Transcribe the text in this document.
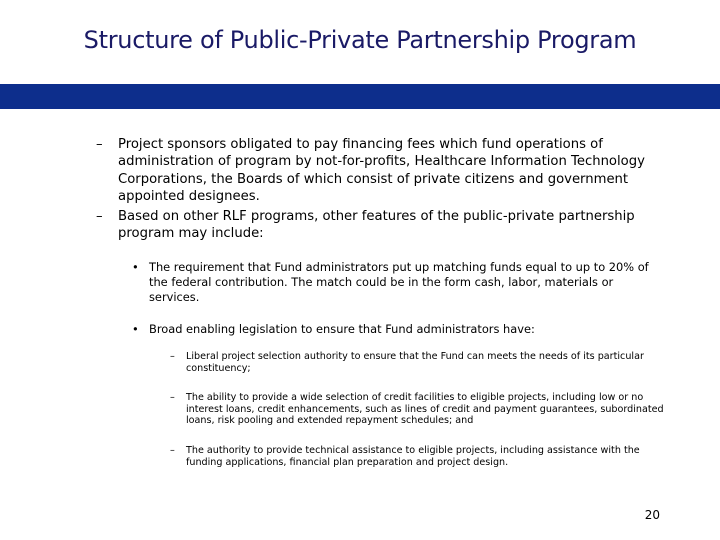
Structure of Public-Private Partnership Program
– Project sponsors obligated to pay financing fees which fund operations of administration of program by not-for-profits, Healthcare Information Technology Corporations, the Boards of which consist of private citizens and government appointed designees.
– Based on other RLF programs, other features of the public-private partnership program may include:
• The requirement that Fund administrators put up matching funds equal to up to 20% of the federal contribution. The match could be in the form cash, labor, materials or services.
• Broad enabling legislation to ensure that Fund administrators have:
– Liberal project selection authority to ensure that the Fund can meets the needs of its particular constituency;
– The ability to provide a wide selection of credit facilities to eligible projects, including low or no interest loans, credit enhancements, such as lines of credit and payment guarantees, subordinated loans, risk pooling and extended repayment schedules; and
– The authority to provide technical assistance to eligible projects, including assistance with the funding applications, financial plan preparation and project design.
20
